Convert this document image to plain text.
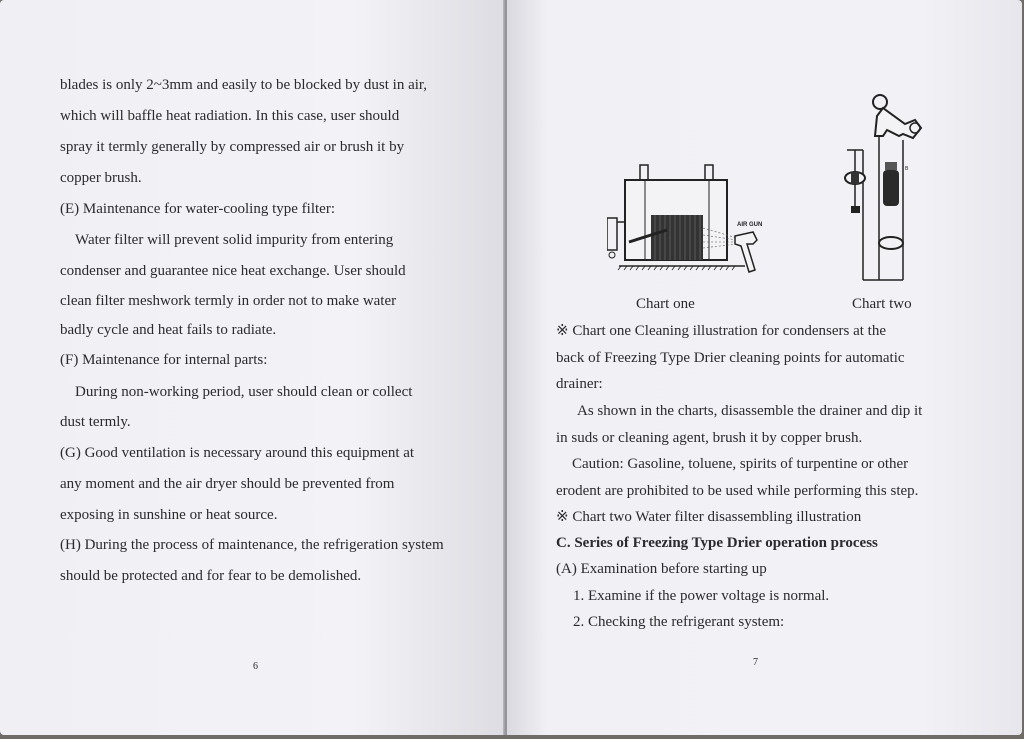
blades is only 2~3mm and easily to be blocked by dust in air,
which will baffle heat radiation. In this case, user should
spray it termly generally by compressed air or brush it by
copper brush.
(E) Maintenance for water-cooling type filter:
Water filter will prevent solid impurity from entering
condenser and guarantee nice heat exchange. User should
clean filter meshwork termly in order not to make water
badly cycle and heat fails to radiate.
(F) Maintenance for internal parts:
During non-working period, user should clean or collect
dust termly.
(G) Good ventilation is necessary around this equipment at
any moment and the air dryer should be prevented from
exposing in sunshine or heat source.
(H) During the process of maintenance, the refrigeration system
should be protected and for fear to be demolished.
6
AIR GUN
B
Chart one	Chart two
※ Chart one Cleaning illustration for condensers at the
back of Freezing Type Drier cleaning points for automatic
drainer:
As shown in the charts, disassemble the drainer and dip it
in suds or cleaning agent, brush it by copper brush.
Caution: Gasoline, toluene, spirits of turpentine or other
erodent are prohibited to be used while performing this step.
※ Chart two Water filter disassembling illustration
C. Series of Freezing Type Drier operation process
(A) Examination before starting up
1. Examine if the power voltage is normal.
2. Checking the refrigerant system:
7
